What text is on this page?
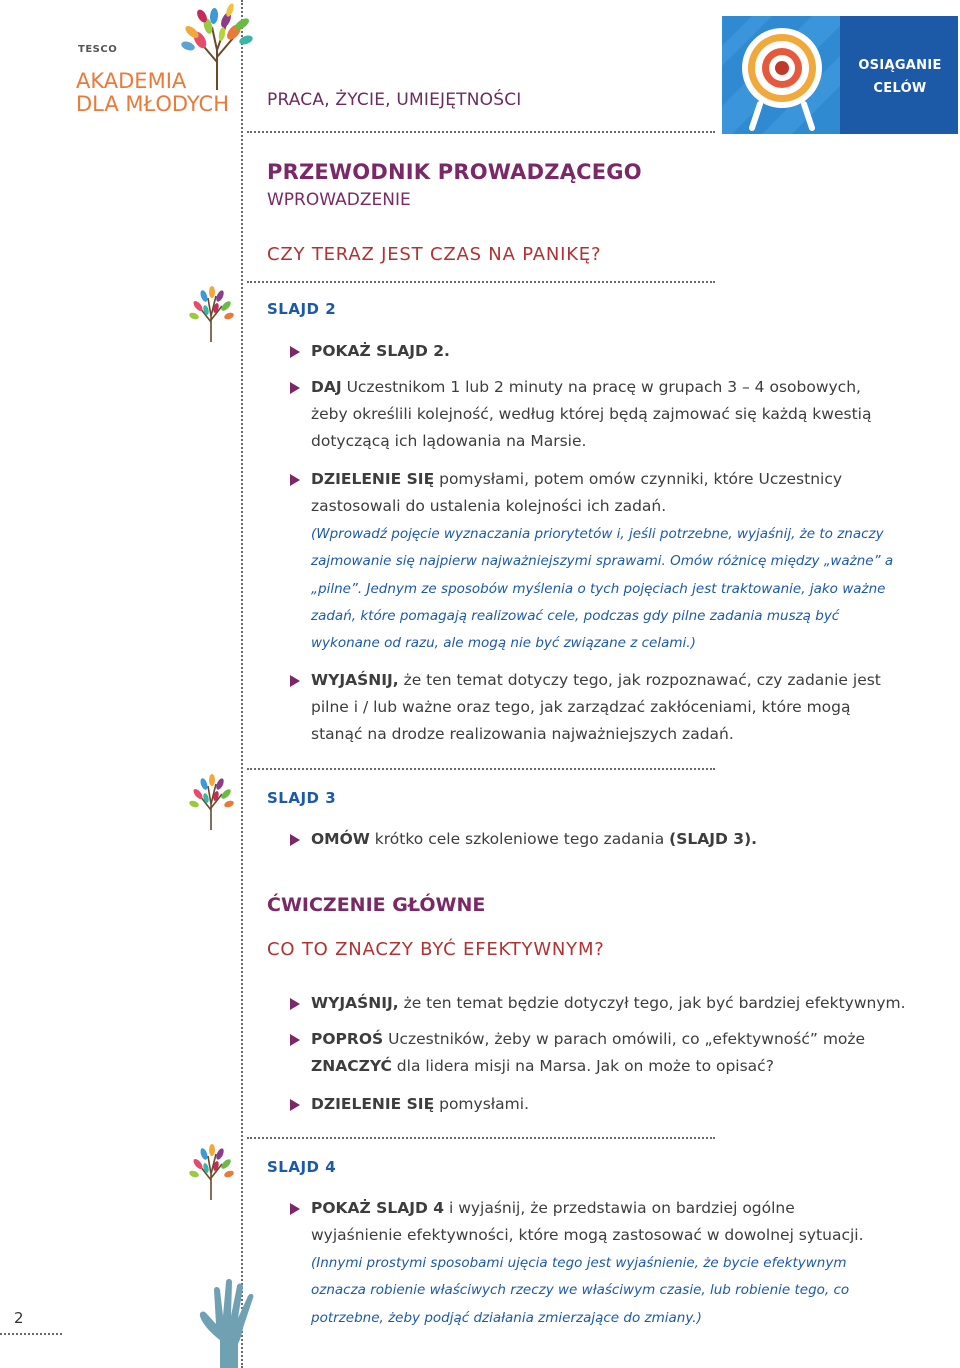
TESCO
AKADEMIA
DLA MŁODYCH PRACA, ŻYCIE, UMIEJĘTNOŚCI
OSIĄGANIE
CELÓW
PRZEWODNIK PROWADZĄCEGO
WPROWADZENIE
CZY TERAZ JEST CZAS NA PANIKĘ?
SLAJD 2
POKAŻ SLAJD 2.
DAJ Uczestnikom 1 lub 2 minuty na pracę w grupach 3 – 4 osobowych, żeby określili kolejność, według której będą zajmować się każdą kwestią dotyczącą ich lądowania na Marsie.
DZIELENIE SIĘ pomysłami, potem omów czynniki, które Uczestnicy zastosowali do ustalenia kolejności ich zadań.
(Wprowadź pojęcie wyznaczania priorytetów i, jeśli potrzebne, wyjaśnij, że to znaczy zajmowanie się najpierw najważniejszymi sprawami. Omów różnicę między „ważne” a „pilne”. Jednym ze sposobów myślenia o tych pojęciach jest traktowanie, jako ważne zadań, które pomagają realizować cele, podczas gdy pilne zadania muszą być wykonane od razu, ale mogą nie być związane z celami.)
WYJAŚNIJ, że ten temat dotyczy tego, jak rozpoznawać, czy zadanie jest pilne i / lub ważne oraz tego, jak zarządzać zakłóceniami, które mogą stanąć na drodze realizowania najważniejszych zadań.
SLAJD 3
OMÓW krótko cele szkoleniowe tego zadania (SLAJD 3).
ĆWICZENIE GŁÓWNE
CO TO ZNACZY BYĆ EFEKTYWNYM?
WYJAŚNIJ, że ten temat będzie dotyczył tego, jak być bardziej efektywnym.
POPROŚ Uczestników, żeby w parach omówili, co „efektywność” może ZNACZYĆ dla lidera misji na Marsa. Jak on może to opisać?
DZIELENIE SIĘ pomysłami.
SLAJD 4
POKAŻ SLAJD 4 i wyjaśnij, że przedstawia on bardziej ogólne wyjaśnienie efektywności, które mogą zastosować w dowolnej sytuacji.
(Innymi prostymi sposobami ujęcia tego jest wyjaśnienie, że bycie efektywnym oznacza robienie właściwych rzeczy we właściwym czasie, lub robienie tego, co potrzebne, żeby podjąć działania zmierzające do zmiany.)
2
